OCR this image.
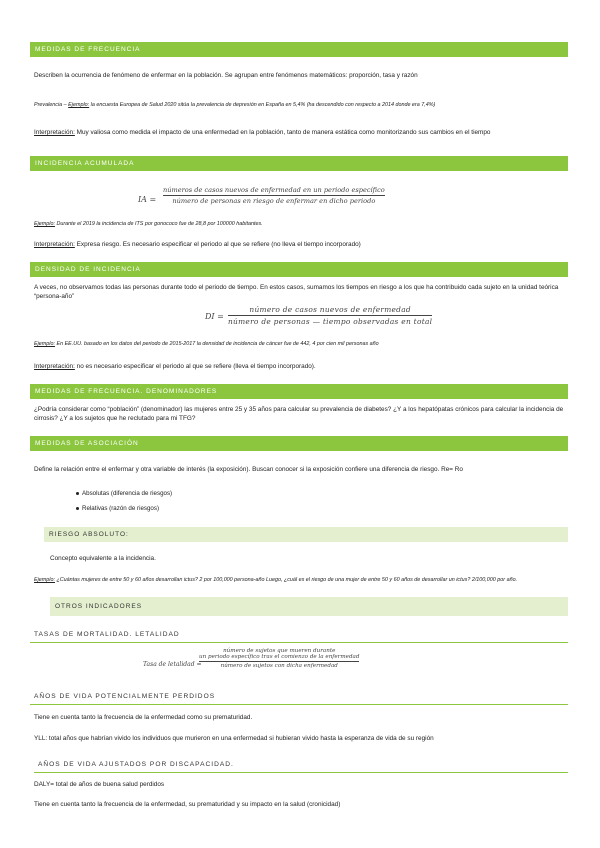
MEDIDAS DE FRECUENCIA
Describen la ocurrencia de fenómeno de enfermar en la población. Se agrupan entre fenómenos matemáticos: proporción, tasa y razón
Prevalencia – Ejemplo: la encuesta Europea de Salud 2020 sitúa la prevalencia de depresión en España en 5,4% (ha descendido con respecto a 2014 donde era 7,4%)
Interpretación: Muy valiosa como medida el impacto de una enfermedad en la población, tanto de manera estática como monitorizando sus cambios en el tiempo
INCIDENCIA ACUMULADA
IA =
números de casos nuevos de enfermedad en un periodo específico
número de personas en riesgo de enfermar en dicho periodo
Ejemplo: Durante el 2019 la incidencia de ITS por gonococo fue de 28,8 por 100000 habitantes.
Interpretación: Expresa riesgo. Es necesario especificar el periodo al que se refiere (no lleva el tiempo incorporado)
DENSIDAD DE INCIDENCIA
A veces, no observamos todas las personas durante todo el periodo de tiempo. En estos casos, sumamos los tiempos en riesgo a los que ha contribuido cada sujeto en la unidad teórica “persona-año”
DI =
número de casos nuevos de enfermedad
número de personas — tiempo observadas en total
Ejemplo: En EE.UU. basado en los datos del periodo de 2015-2017 la densidad de incidencia de cáncer fue de 442, 4 por cien mil personas año
Interpretación: no es necesario especificar el periodo al que se refiere (lleva el tiempo incorporado).
MEDIDAS DE FRECUENCIA. DENOMINADORES
¿Podría considerar como “población” (denominador) las mujeres entre 25 y 35 años para calcular su prevalencia de diabetes? ¿Y a los hepatópatas crónicos para calcular la incidencia de cirrosis? ¿Y a los sujetos que he reclutado para mi TFG?
MEDIDAS DE ASOCIACIÓN
Define la relación entre el enfermar y otra variable de interés (la exposición). Buscan conocer si la exposición confiere una diferencia de riesgo. Re= Ro
Absolutas (diferencia de riesgos)
Relativas (razón de riesgos)
RIESGO ABSOLUTO:
Concepto equivalente a la incidencia.
Ejemplo: ¿Cuántas mujeres de entre 50 y 60 años desarrollan ictus? 2 por 100,000 persona-año Luego, ¿cuál es el riesgo de una mujer de entre 50 y 60 años de desarrollar un ictus? 2/100,000 por año.
OTROS INDICADORES
TASAS DE MORTALIDAD. LETALIDAD
Tasa de letalidad =
número de sujetos que mueren durante
un periodo específico tras el comienzo de la enfermedad
número de sujetos con dicha enfermedad
AÑOS DE VIDA POTENCIALMENTE PERDIDOS
Tiene en cuenta tanto la frecuencia de la enfermedad como su prematuridad.
YLL: total años que habrían vivido los individuos que murieron en una enfermedad si hubieran vivido hasta la esperanza de vida de su región
AÑOS DE VIDA AJUSTADOS POR DISCAPACIDAD.
DALY= total de años de buena salud perdidos
Tiene en cuenta tanto la frecuencia de la enfermedad, su prematuridad y su impacto en la salud (cronicidad)
